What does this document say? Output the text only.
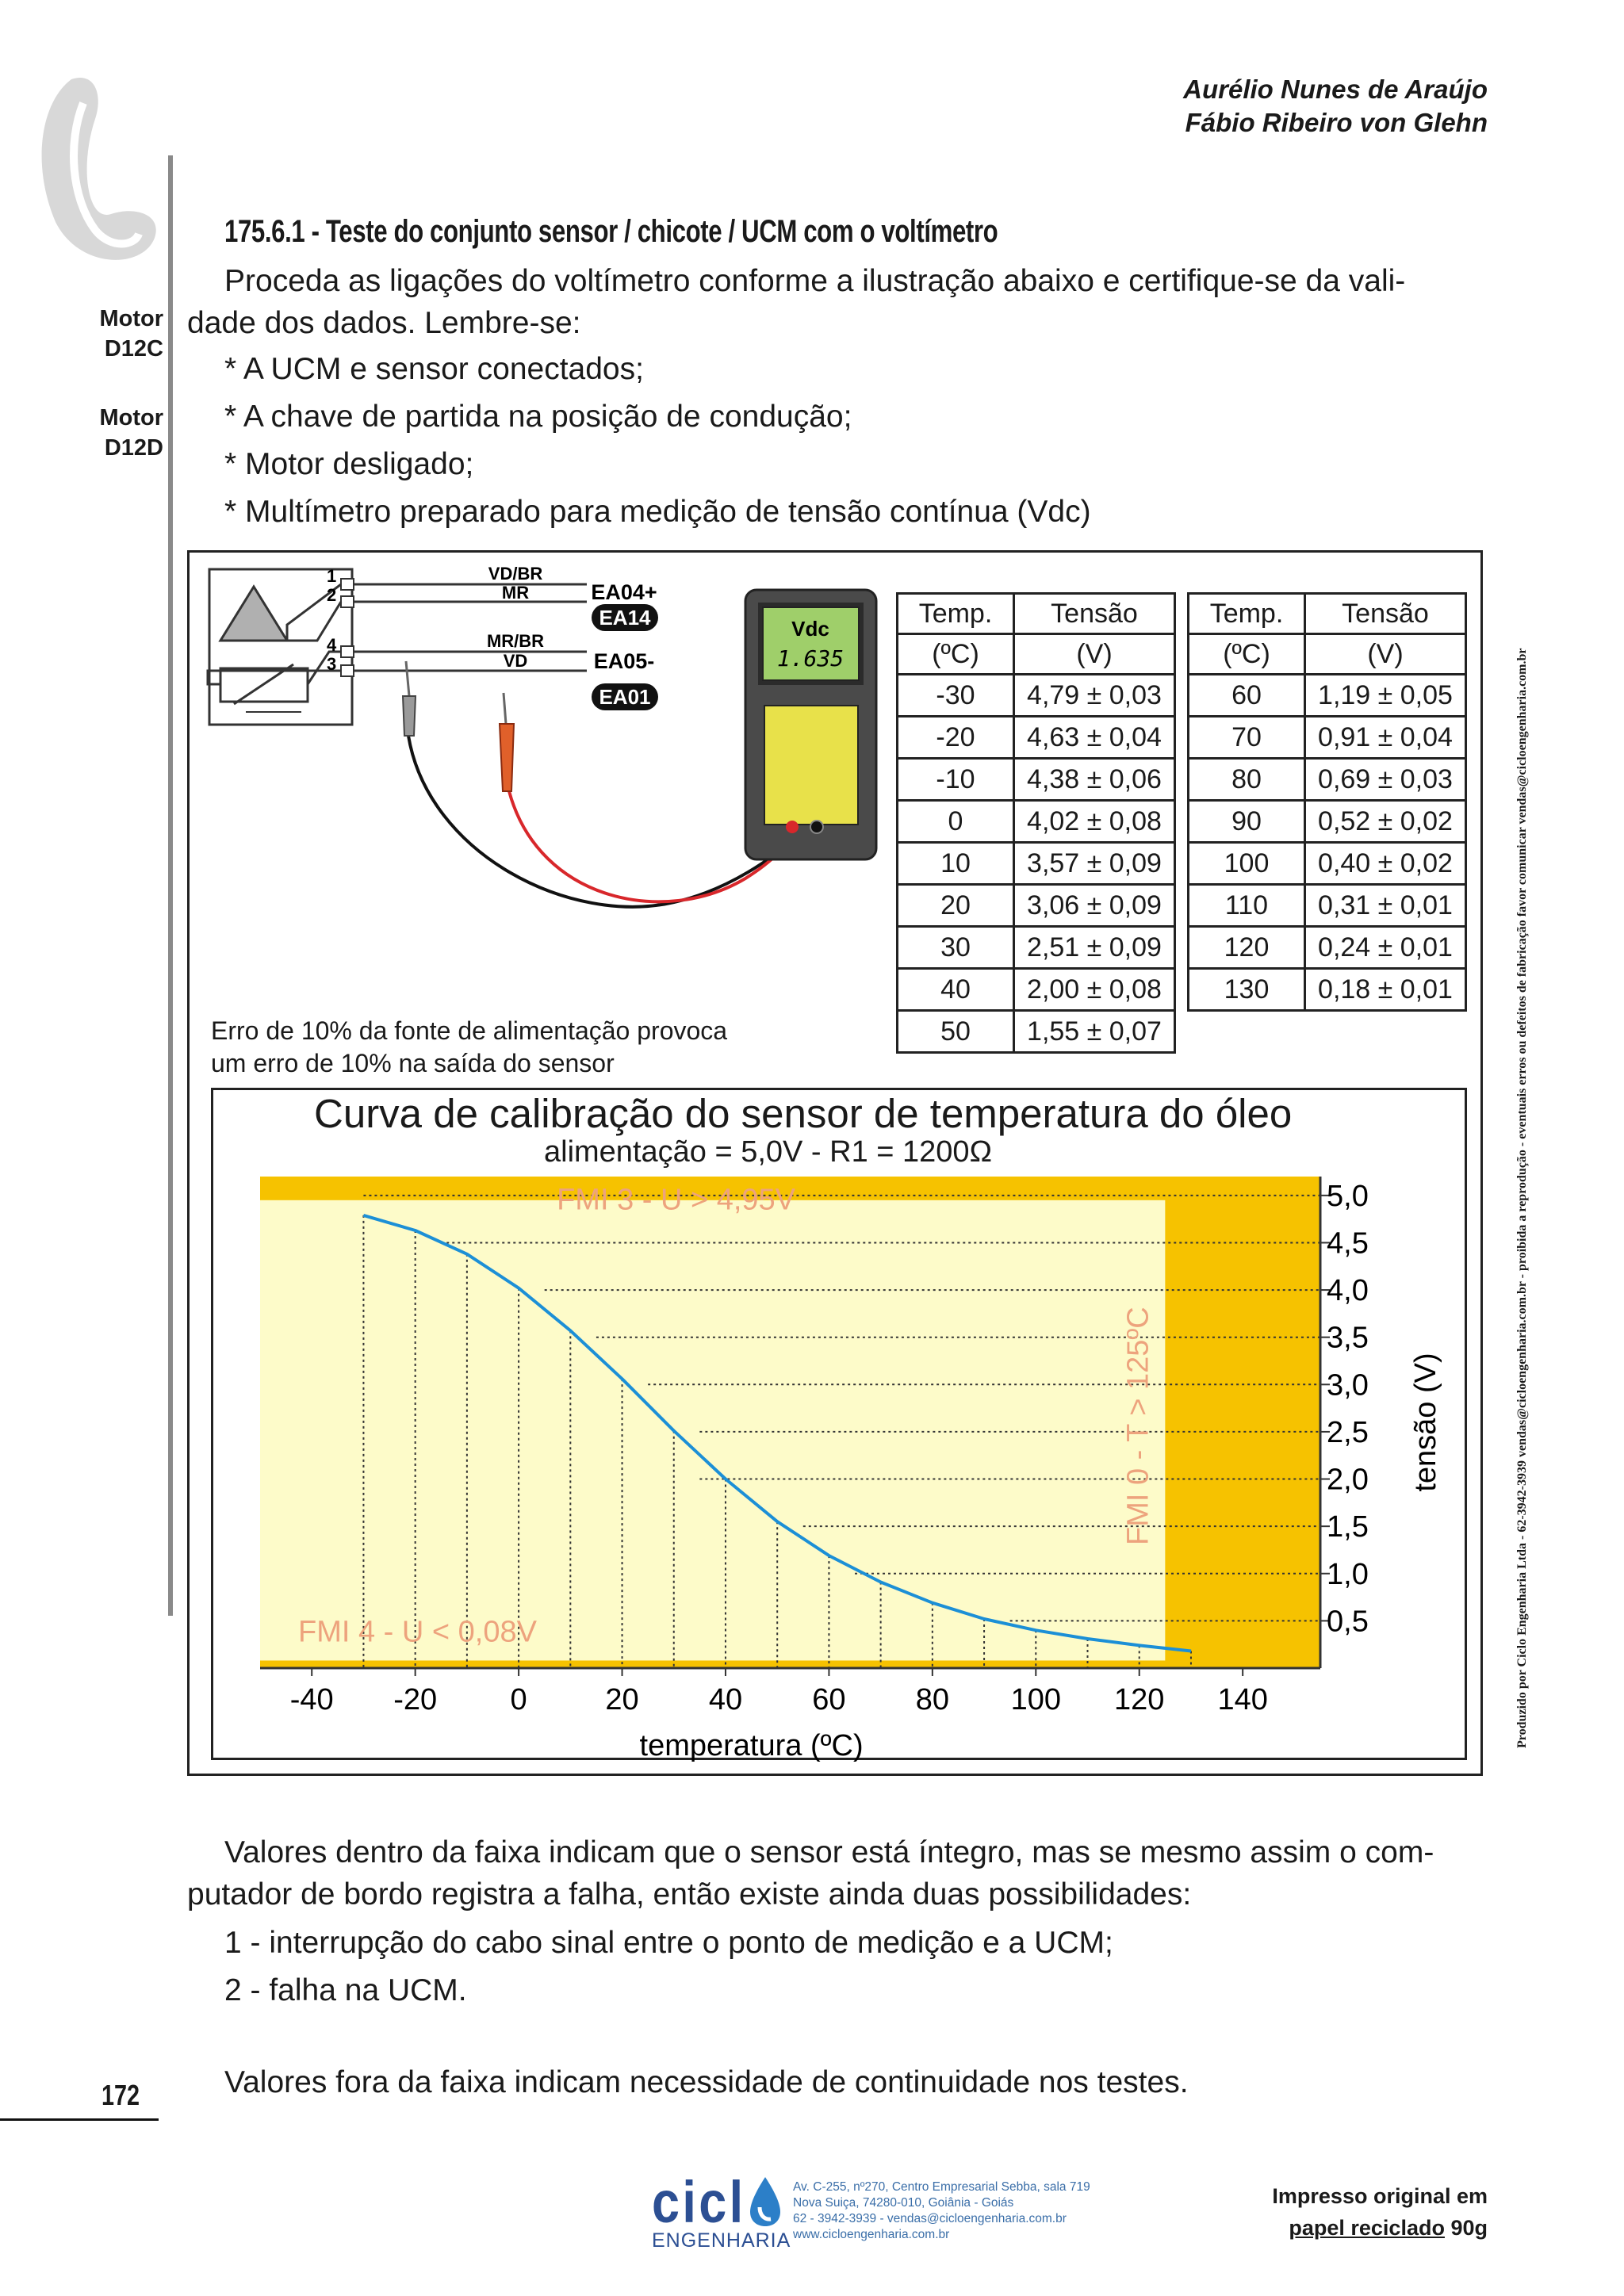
Aurélio Nunes de Araújo
Fábio Ribeiro von Glehn
Motor
D12C
Motor
D12D
175.6.1 - Teste do conjunto sensor / chicote / UCM com o voltímetro
Proceda as ligações do voltímetro conforme a ilustração abaixo e certifique-se da vali-
dade dos dados. Lembre-se:
* A UCM e sensor conectados;
* A chave de partida na posição de condução;
* Motor desligado;
* Multímetro preparado para medição de tensão contínua (Vdc)
1
2
4
3
VD/BR
MR
MR/BR
VD
EA04+
EA14
EA05-
EA01
Vdc
1.635
Temp.	Tensão
(ºC)	(V)
-30	4,79 ± 0,03
-20	4,63 ± 0,04
-10	4,38 ± 0,06
0	4,02 ± 0,08
10	3,57 ± 0,09
20	3,06 ± 0,09
30	2,51 ± 0,09
40	2,00 ± 0,08
50	1,55 ± 0,07
Temp.	Tensão
(ºC)	(V)
60	1,19 ± 0,05
70	0,91 ± 0,04
80	0,69 ± 0,03
90	0,52 ± 0,02
100	0,40 ± 0,02
110	0,31 ± 0,01
120	0,24 ± 0,01
130	0,18 ± 0,01
Erro de 10% da fonte de alimentação provoca
um erro de 10% na saída do sensor
Curva de calibração do sensor de temperatura do óleo
alimentação = 5,0V - R1 = 1200Ω
-40 -20 0	20 40 60 80 100 120 140
5,0
4,5
4,0
3,5
3,0
2,5
2,0
1,5
1,0
0,5
FMI 3 - U > 4,95V
FMI 4 - U < 0,08V
FMI 0 - T > 125ºC
temperatura (ºC)
tensão (V)
Valores dentro da faixa indicam que o sensor está íntegro, mas se mesmo assim o com-
putador de bordo registra a falha, então existe ainda duas possibilidades:
1 - interrupção do cabo sinal entre o ponto de medição e a UCM;
2 - falha na UCM.
Valores fora da faixa indicam necessidade de continuidade nos testes.
172
cicl
ENGENHARIA
Av. C-255, nº270, Centro Empresarial Sebba, sala 719
Nova Suiça, 74280-010, Goiânia - Goiás
62 - 3942-3939 - vendas@cicloengenharia.com.br
www.cicloengenharia.com.br
Impresso original em
papel reciclado 90g
Produzido por Ciclo Engenharia Ltda - 62-3942-3939 vendas@cicloengenharia.com.br - proibida a reprodução - eventuais erros ou defeitos de fabricação favor comunicar vendas@cicloengenharia.com.br
